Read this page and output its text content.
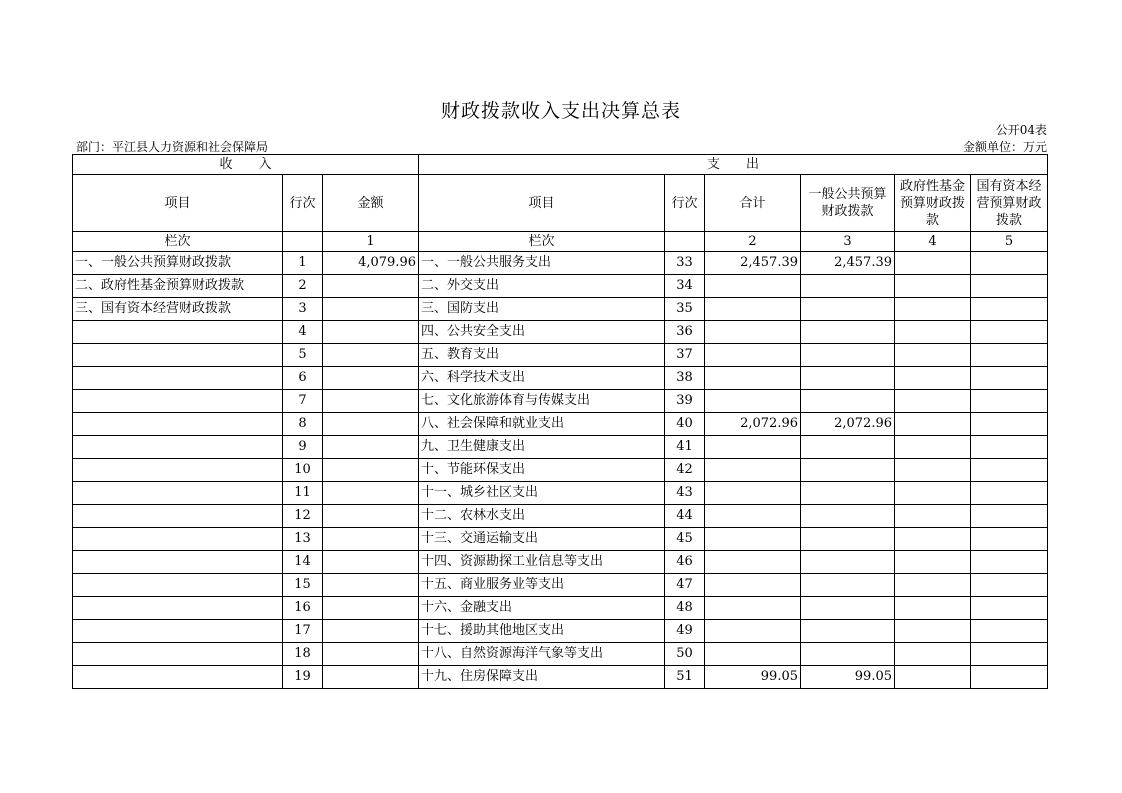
财政拨款收入支出决算总表
公开04表
部门：平江县人力资源和社会保障局	金额单位：万元
收　　入			支　　出					
项目	行次	金额	项目	行次	合计	一般公共预算财政拨款	政府性基金预算财政拨款	国有资本经营预算财政拨款
栏次		1	栏次		2	3	4	5
一、一般公共预算财政拨款	1	4,079.96	一、一般公共服务支出	33	2,457.39	2,457.39		
二、政府性基金预算财政拨款	2		二、外交支出	34				
三、国有资本经营财政拨款	3		三、国防支出	35				
	4		四、公共安全支出	36				
	5		五、教育支出	37				
	6		六、科学技术支出	38				
	7		七、文化旅游体育与传媒支出	39				
	8		八、社会保障和就业支出	40	2,072.96	2,072.96		
	9		九、卫生健康支出	41				
	10		十、节能环保支出	42				
	11		十一、城乡社区支出	43				
	12		十二、农林水支出	44				
	13		十三、交通运输支出	45				
	14		十四、资源勘探工业信息等支出	46				
	15		十五、商业服务业等支出	47				
	16		十六、金融支出	48				
	17		十七、援助其他地区支出	49				
	18		十八、自然资源海洋气象等支出	50				
	19		十九、住房保障支出	51	99.05	99.05		
